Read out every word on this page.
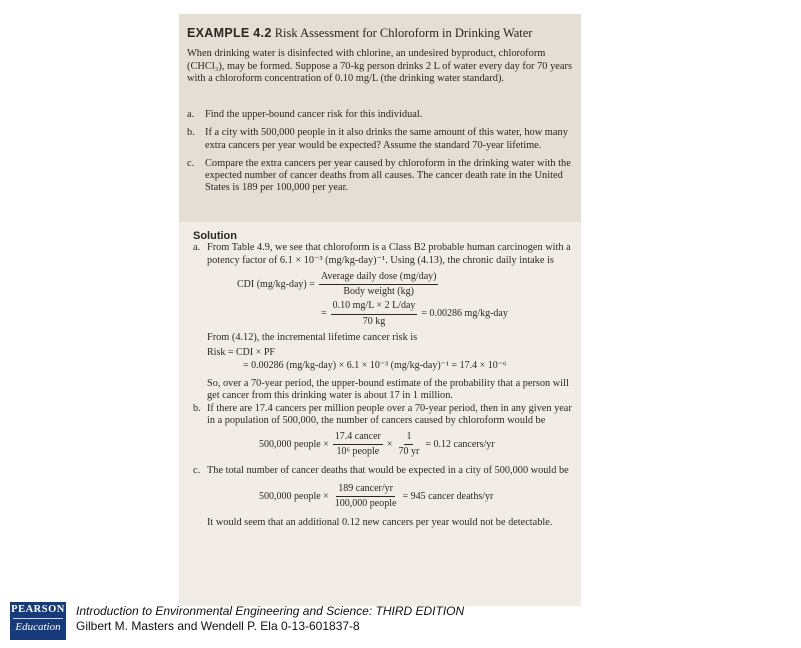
EXAMPLE 4.2 Risk Assessment for Chloroform in Drinking Water
When drinking water is disinfected with chlorine, an undesired byproduct, chloroform (CHCl₃), may be formed. Suppose a 70-kg person drinks 2 L of water every day for 70 years with a chloroform concentration of 0.10 mg/L (the drinking water standard).
a.	Find the upper-bound cancer risk for this individual.
b. If a city with 500,000 people in it also drinks the same amount of this water, how many extra cancers per year would be expected? Assume the standard 70-year lifetime.
c.	Compare the extra cancers per year caused by chloroform in the drinking water with the expected number of cancer deaths from all causes. The cancer death rate in the United States is 189 per 100,000 per year.
Solution
a. From Table 4.9, we see that chloroform is a Class B2 probable human carcinogen with a potency factor of 6.1 × 10⁻³ (mg/kg-day)⁻¹. Using (4.13), the chronic daily intake is
CDI $(mg/kg-day) = \frac{\text{Average daily dose (mg/day)}}{\text{Body weight (kg)}}$
= $\frac{\text{0.10 mg/L × 2 L/day}}{70 kg} = 0.00286$ mg/kg-day
From (4.12), the incremental lifetime cancer risk is
Risk = CDI × PF
= 0.00286 (mg/kg-day) × 6.1 × 10⁻³ (mg/kg-day)⁻¹ = 17.4 × 10⁻⁶
So, over a 70-year period, the upper-bound estimate of the probability that a person will get cancer from this drinking water is about 17 in 1 million.
b. If there are 17.4 cancers per million people over a 70-year period, then in any given year in a population of 500,000, the number of cancers caused by chloroform would be
500,000 people × $\frac{\text{17.4 cancer}}{\text{10⁶ people}} \times \frac{1}{70 yr} = 0.12$ cancers/yr
c. The total number of cancer deaths that would be expected in a city of 500,000 would be
500,000 people × $\frac{\text{189 cancer/yr}}{\text{100,000 people}} = 945$ cancer deaths/yr
It would seem that an additional 0.12 new cancers per year would not be detectable.
PEARSON
Education
Introduction to Environmental Engineering and Science: THIRD EDITION
Gilbert M. Masters and Wendell P. Ela 0-13-601837-8
